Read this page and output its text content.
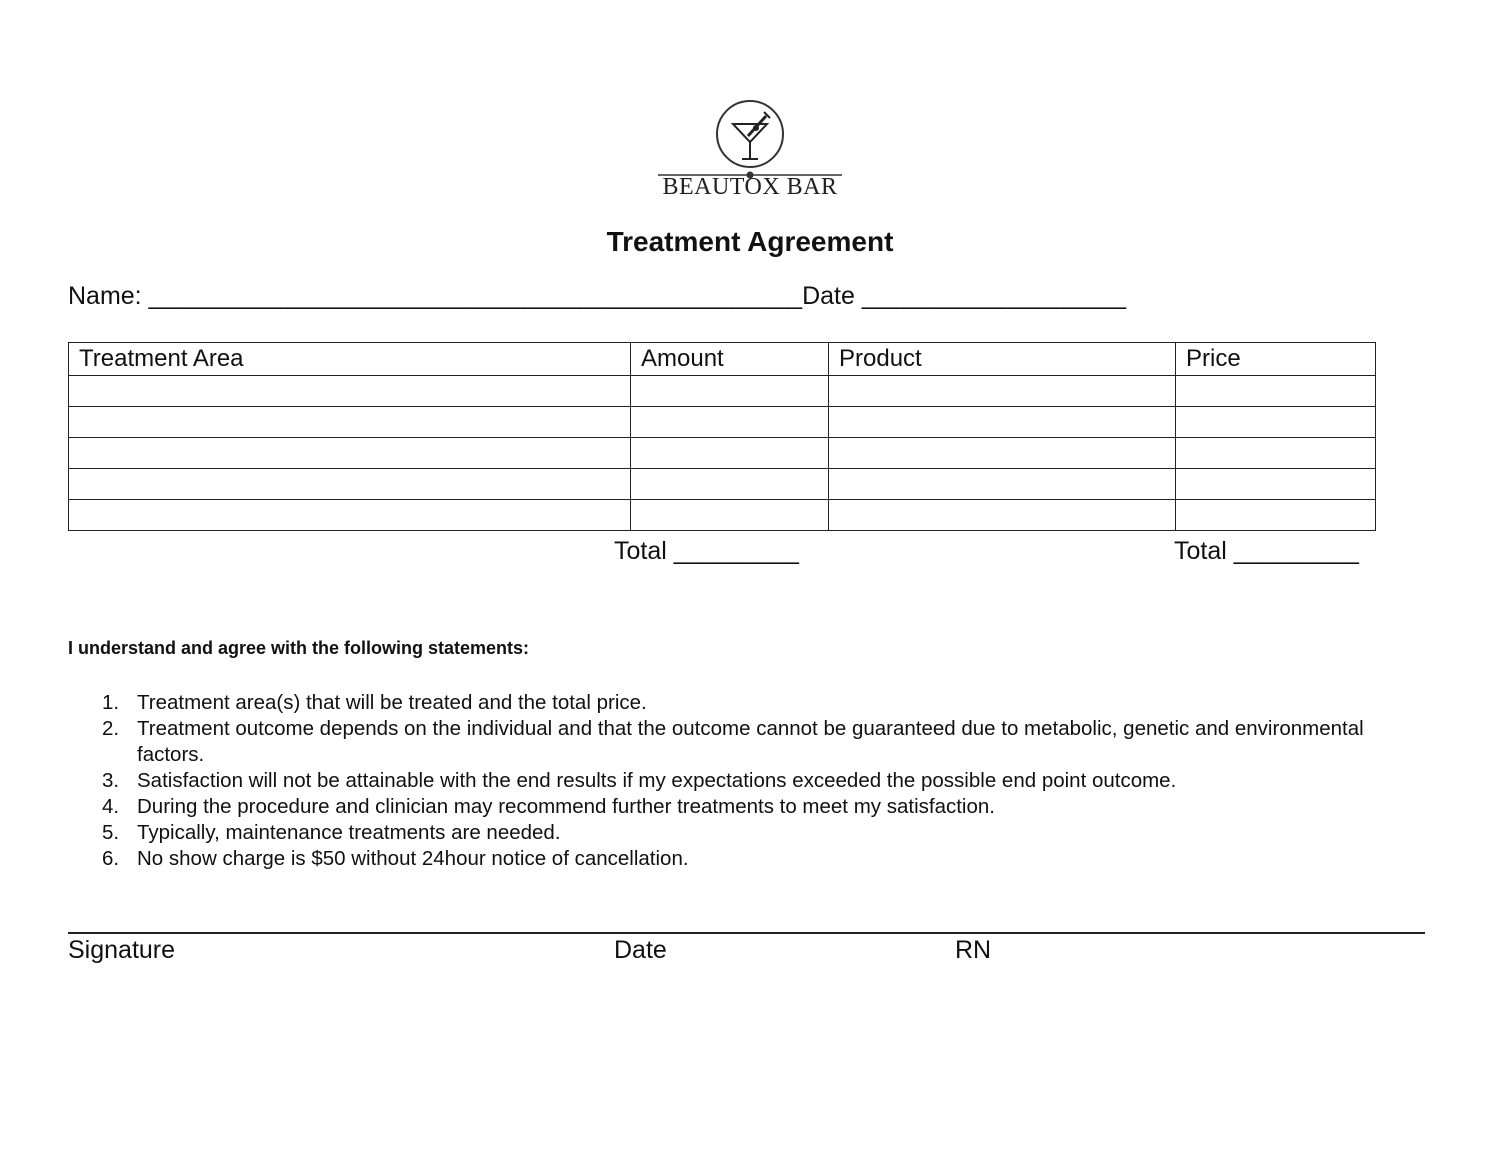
BEAUTOX BAR
Treatment Agreement
Name: _______________________________________________Date ___________________
Treatment Area	Amount	Product	Price

Total _________	Total _________
I understand and agree with the following statements:
1. Treatment area(s) that will be treated and the total price.
2. Treatment outcome depends on the individual and that the outcome cannot be guaranteed due to metabolic, genetic and environmental factors.
3. Satisfaction will not be attainable with the end results if my expectations exceeded the possible end point outcome.
4. During the procedure and clinician may recommend further treatments to meet my satisfaction.
5. Typically, maintenance treatments are needed.
6. No show charge is $50 without 24hour notice of cancellation.
Signature	Date	RN
